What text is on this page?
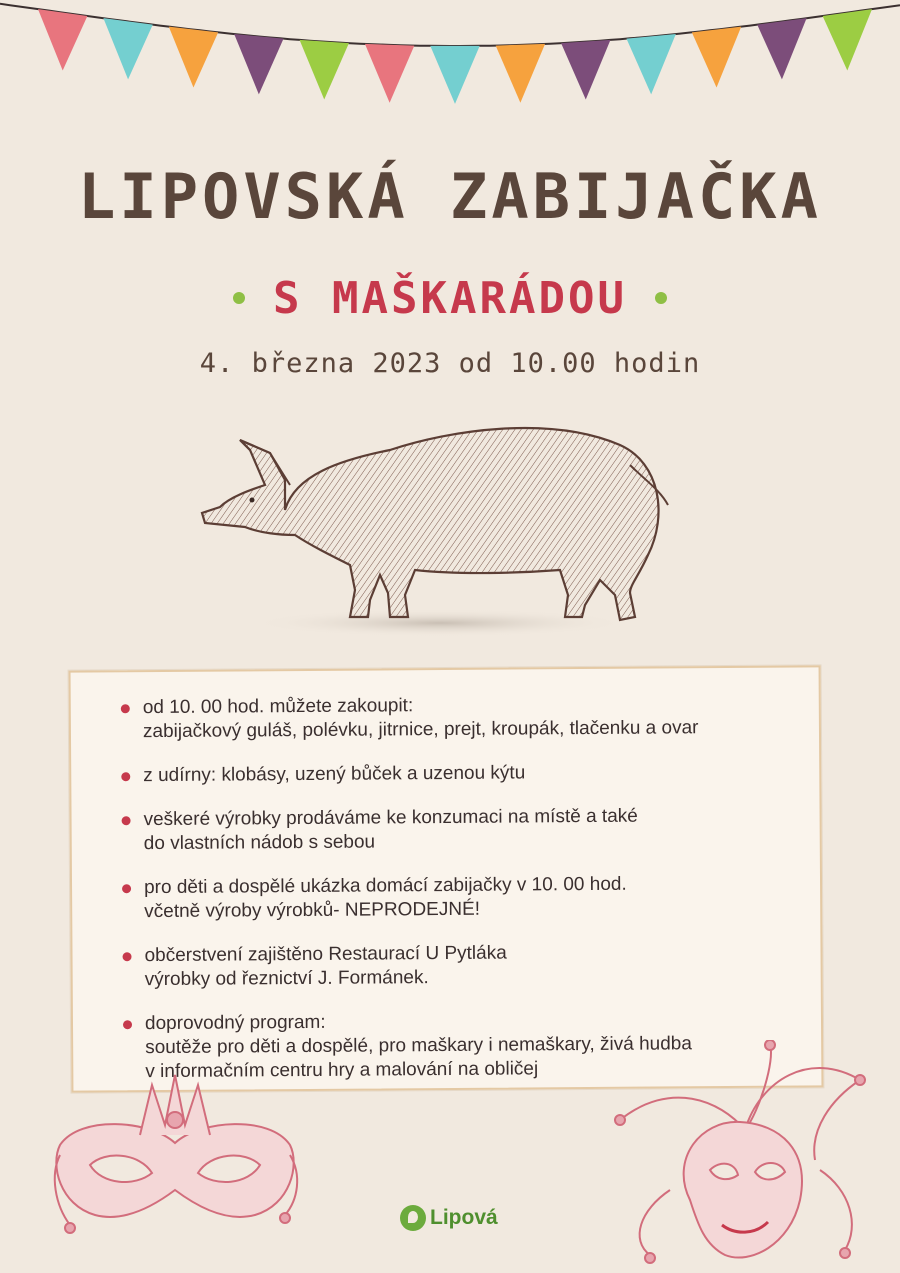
LIPOVSKÁ ZABIJAČKA
S MAŠKARÁDOU
4. března 2023 od 10.00 hodin
od 10. 00 hod. můžete zakoupit:
zabijačkový guláš, polévku, jitrnice, prejt, kroupák, tlačenku a ovar
z udírny: klobásy, uzený bůček a uzenou kýtu
veškeré výrobky prodáváme ke konzumaci na místě a také
do vlastních nádob s sebou
pro děti a dospělé ukázka domácí zabijačky v 10. 00 hod.
včetně výroby výrobků- NEPRODEJNÉ!
občerstvení zajištěno Restaurací U Pytláka
výrobky od řeznictví J. Formánek.
doprovodný program:
soutěže pro děti a dospělé, pro maškary i nemaškary, živá hudba
v informačním centru hry a malování na obličej
Lipová
